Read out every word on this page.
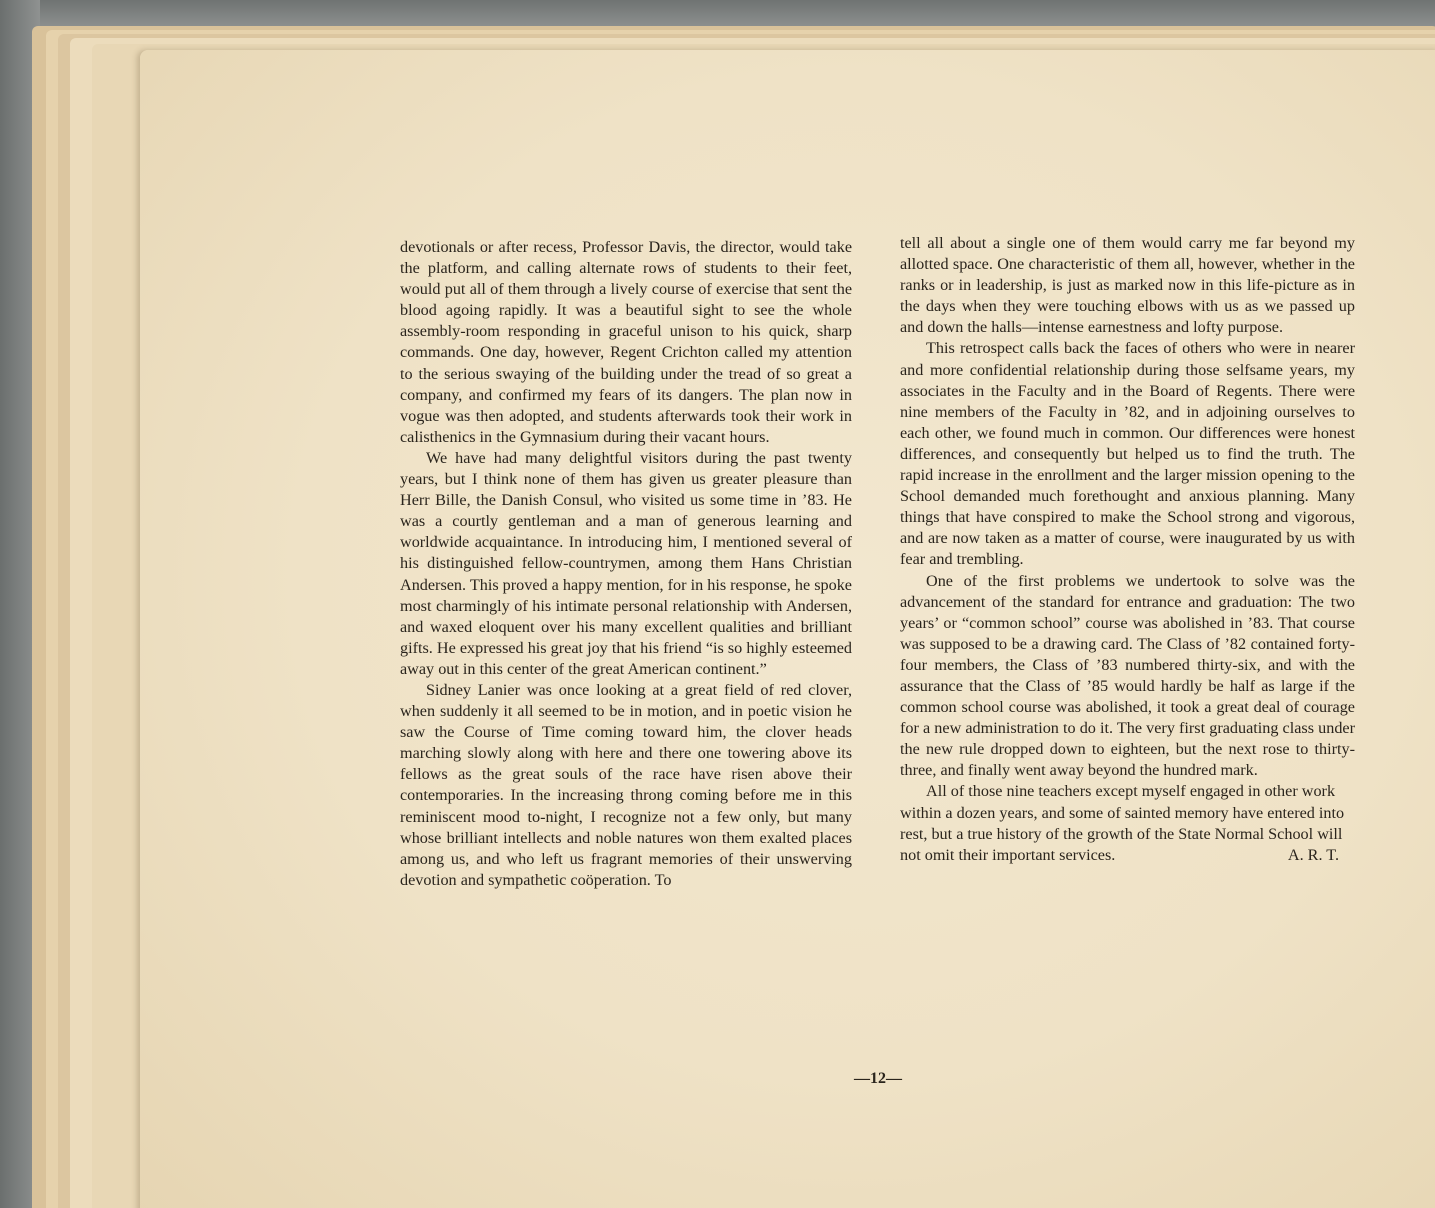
devotionals or after recess, Professor Davis, the director, would take the platform, and calling alternate rows of students to their feet, would put all of them through a lively course of exercise that sent the blood agoing rapidly. It was a beautiful sight to see the whole assembly-room responding in graceful unison to his quick, sharp commands. One day, however, Regent Crichton called my attention to the serious swaying of the building under the tread of so great a company, and confirmed my fears of its dangers. The plan now in vogue was then adopted, and students afterwards took their work in calisthenics in the Gymnasium during their vacant hours.

We have had many delightful visitors during the past twenty years, but I think none of them has given us greater pleasure than Herr Bille, the Danish Consul, who visited us some time in ’83. He was a courtly gentleman and a man of generous learning and worldwide acquaintance. In introducing him, I mentioned several of his distinguished fellow-countrymen, among them Hans Christian Andersen. This proved a happy mention, for in his response, he spoke most charmingly of his intimate personal relationship with Andersen, and waxed eloquent over his many excellent qualities and brilliant gifts. He expressed his great joy that his friend “is so highly esteemed away out in this center of the great American continent.”

Sidney Lanier was once looking at a great field of red clover, when suddenly it all seemed to be in motion, and in poetic vision he saw the Course of Time coming toward him, the clover heads marching slowly along with here and there one towering above its fellows as the great souls of the race have risen above their contemporaries. In the increasing throng coming before me in this reminiscent mood to-night, I recognize not a few only, but many whose brilliant intellects and noble natures won them exalted places among us, and who left us fragrant memories of their unswerving devotion and sympathetic coöperation. To

tell all about a single one of them would carry me far beyond my allotted space. One characteristic of them all, however, whether in the ranks or in leadership, is just as marked now in this life-picture as in the days when they were touching elbows with us as we passed up and down the halls—intense earnestness and lofty purpose.

This retrospect calls back the faces of others who were in nearer and more confidential relationship during those selfsame years, my associates in the Faculty and in the Board of Regents. There were nine members of the Faculty in ’82, and in adjoining ourselves to each other, we found much in common. Our differences were honest differences, and consequently but helped us to find the truth. The rapid increase in the enrollment and the larger mission opening to the School demanded much forethought and anxious planning. Many things that have conspired to make the School strong and vigorous, and are now taken as a matter of course, were inaugurated by us with fear and trembling.

One of the first problems we undertook to solve was the advancement of the standard for entrance and graduation: The two years’ or “common school” course was abolished in ’83. That course was supposed to be a drawing card. The Class of ’82 contained forty-four members, the Class of ’83 numbered thirty-six, and with the assurance that the Class of ’85 would hardly be half as large if the common school course was abolished, it took a great deal of courage for a new administration to do it. The very first graduating class under the new rule dropped down to eighteen, but the next rose to thirty-three, and finally went away beyond the hundred mark.

All of those nine teachers except myself engaged in other work within a dozen years, and some of sainted memory have entered into rest, but a true history of the growth of the State Normal School will not omit their important services.	A. R. T.

—12—
